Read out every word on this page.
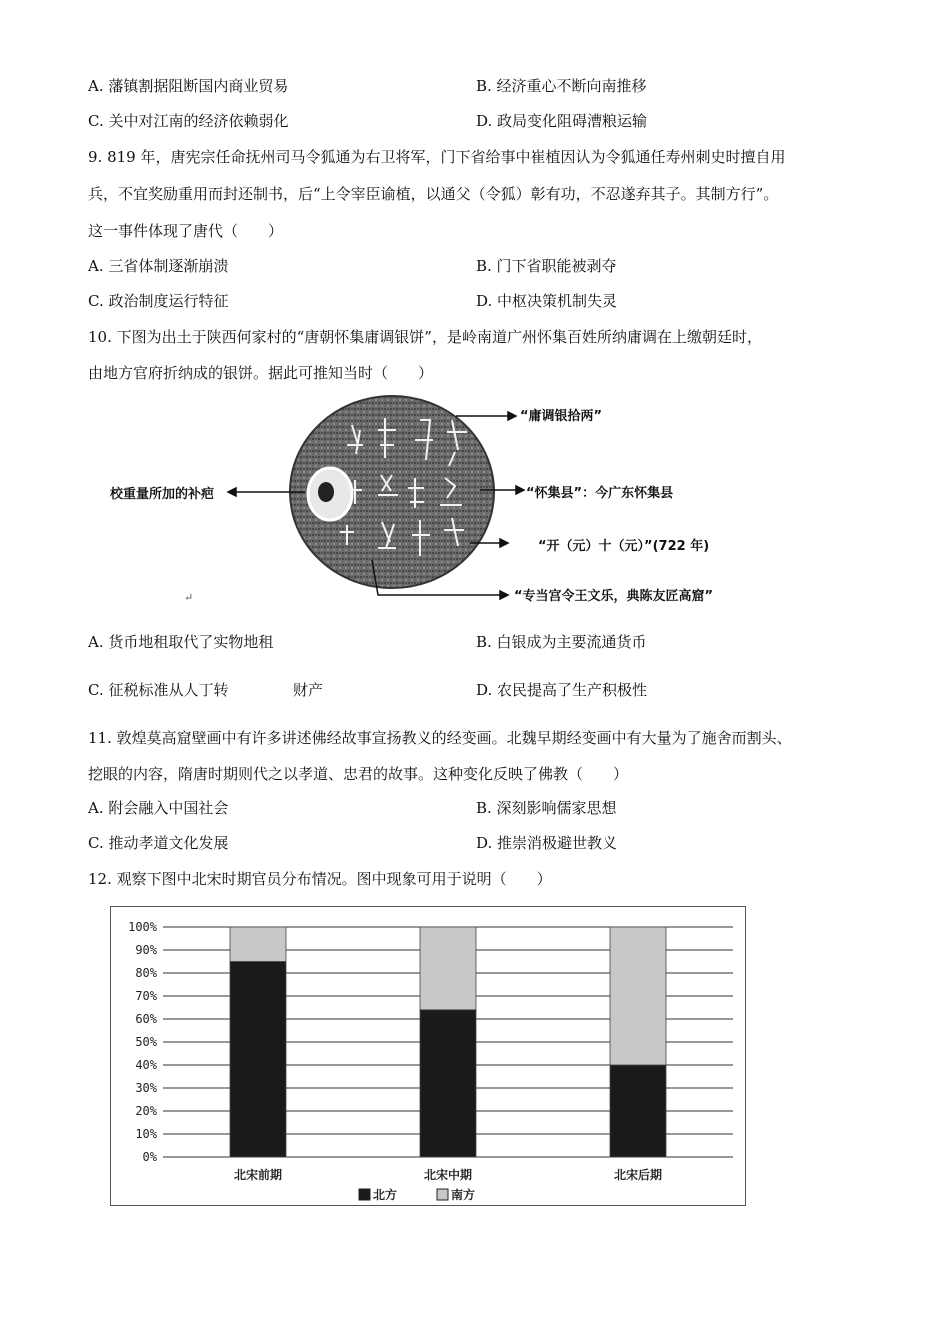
A. 藩镇割据阻断国内商业贸易	B. 经济重心不断向南推移
C. 关中对江南的经济依赖弱化	D. 政局变化阻碍漕粮运输
9. 819 年，唐宪宗任命抚州司马令狐通为右卫将军，门下省给事中崔植因认为令狐通任寿州刺史时擅自用
兵，不宜奖励重用而封还制书，后“上令宰臣谕植，以通父（令狐）彰有功，不忍遂弃其子。其制方行”。
这一事件体现了唐代（　　）
A. 三省体制逐渐崩溃	B. 门下省职能被剥夺
C. 政治制度运行特征	D. 中枢决策机制失灵
10. 下图为出土于陕西何家村的“唐朝怀集庸调银饼”，是岭南道广州怀集百姓所纳庸调在上缴朝廷时，
由地方官府折纳成的银饼。据此可推知当时（　　）
“庸调银拾两”
校重量所加的补疤	“怀集县”：今广东怀集县
“开（元）十（元）”(722 年)
“专当宫令王文乐，典陈友匠高窟”
↵
A. 货币地租取代了实物地租	B. 白银成为主要流通货币
C. 征税标准从人丁转	财产	D. 农民提高了生产积极性
11. 敦煌莫高窟壁画中有许多讲述佛经故事宣扬教义的经变画。北魏早期经变画中有大量为了施舍而割头、
挖眼的内容，隋唐时期则代之以孝道、忠君的故事。这种变化反映了佛教（　　）
A. 附会融入中国社会	B. 深刻影响儒家思想
C. 推动孝道文化发展	D. 推崇消极避世教义
12. 观察下图中北宋时期官员分布情况。图中现象可用于说明（　　）
0%
10%
20%
30%
40%
50%
60%
70%
80%
90%
100%
北宋前期	北宋中期	北宋后期
北方	南方
